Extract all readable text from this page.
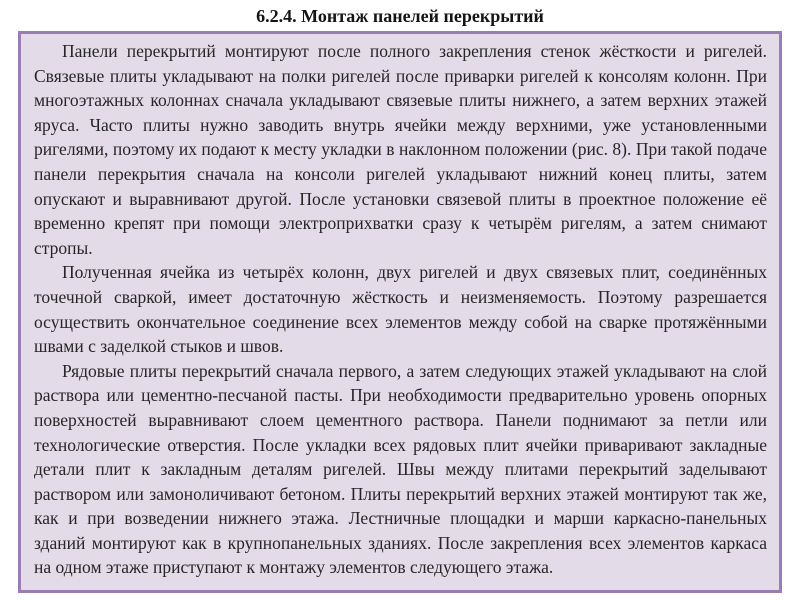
6.2.4. Монтаж панелей перекрытий

Панели перекрытий монтируют после полного закрепления стенок жёсткости и ригелей. Связевые плиты укладывают на полки ригелей после приварки ригелей к консолям колонн. При многоэтажных колоннах сначала укладывают связевые плиты нижнего, а затем верхних этажей яруса. Часто плиты нужно заводить внутрь ячейки между верхними, уже установленными ригелями, поэтому их подают к месту укладки в наклонном положении (рис. 8). При такой подаче панели перекрытия сначала на консоли ригелей укладывают нижний конец плиты, затем опускают и выравнивают другой. После установки связевой плиты в проектное положение её временно крепят при помощи электроприхватки сразу к четырём ригелям, а затем снимают стропы.

Полученная ячейка из четырёх колонн, двух ригелей и двух связевых плит, соединённых точечной сваркой, имеет достаточную жёсткость и неизменяемость. Поэтому разрешается осуществить окончательное соединение всех элементов между собой на сварке протяжёнными швами с заделкой стыков и швов.

Рядовые плиты перекрытий сначала первого, а затем следующих этажей укладывают на слой раствора или цементно-песчаной пасты. При необходимости предварительно уровень опорных поверхностей выравнивают слоем цементного раствора. Панели поднимают за петли или технологические отверстия. После укладки всех рядовых плит ячейки приваривают закладные детали плит к закладным деталям ригелей. Швы между плитами перекрытий заделывают раствором или замоноличивают бетоном. Плиты перекрытий верхних этажей монтируют так же, как и при возведении нижнего этажа. Лестничные площадки и марши каркасно-панельных зданий монтируют как в крупнопанельных зданиях. После закрепления всех элементов каркаса на одном этаже приступают к монтажу элементов следующего этажа.
